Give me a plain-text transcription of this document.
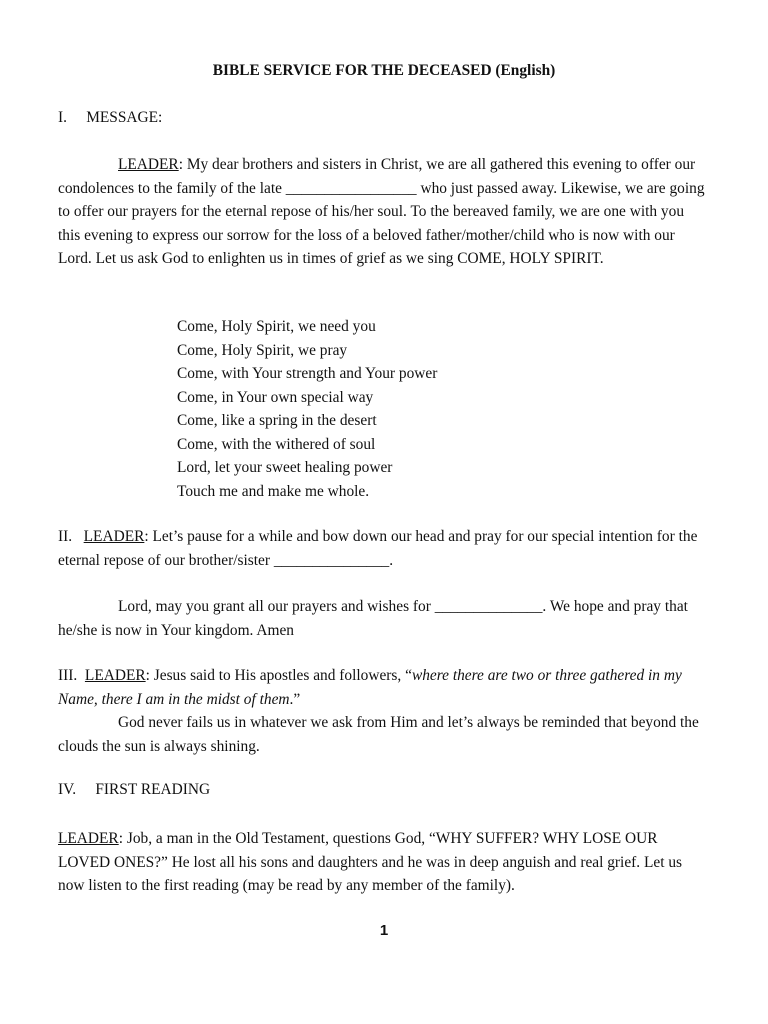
BIBLE SERVICE FOR THE DECEASED (English)
I.     MESSAGE:
LEADER: My dear brothers and sisters in Christ, we are all gathered this evening to offer our condolences to the family of the late _________________ who just passed away. Likewise, we are going to offer our prayers for the eternal repose of his/her soul. To the bereaved family, we are one with you this evening to express our sorrow for the loss of a beloved father/mother/child who is now with our Lord. Let us ask God to enlighten us in times of grief as we sing COME, HOLY SPIRIT.
Come, Holy Spirit, we need you
Come, Holy Spirit, we pray
Come, with Your strength and Your power
Come, in Your own special way
Come, like a spring in the desert
Come, with the withered of soul
Lord, let your sweet healing power
Touch me and make me whole.
II.   LEADER: Let’s pause for a while and bow down our head and pray for our special intention for the eternal repose of our brother/sister _______________.
Lord, may you grant all our prayers and wishes for ______________. We hope and pray that he/she is now in Your kingdom. Amen
III.  LEADER: Jesus said to His apostles and followers, “where there are two or three gathered in my Name, there I am in the midst of them.”
God never fails us in whatever we ask from Him and let’s always be reminded that beyond the clouds the sun is always shining.
IV.     FIRST READING
LEADER: Job, a man in the Old Testament, questions God, “WHY SUFFER? WHY LOSE OUR LOVED ONES?” He lost all his sons and daughters and he was in deep anguish and real grief. Let us now listen to the first reading (may be read by any member of the family).
1
